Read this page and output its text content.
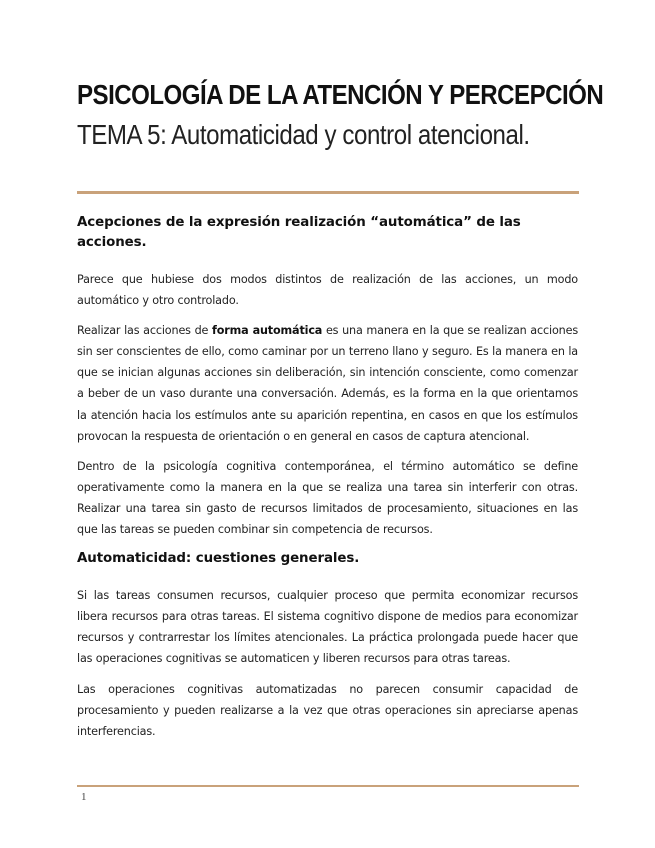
PSICOLOGÍA DE LA ATENCIÓN Y PERCEPCIÓN
TEMA 5: Automaticidad y control atencional.
Acepciones de la expresión realización “automática” de las acciones.

Parece que hubiese dos modos distintos de realización de las acciones, un modo automático y otro controlado.

Realizar las acciones de forma automática es una manera en la que se realizan acciones sin ser conscientes de ello, como caminar por un terreno llano y seguro. Es la manera en la que se inician algunas acciones sin deliberación, sin intención consciente, como comenzar a beber de un vaso durante una conversación. Además, es la forma en la que orientamos la atención hacia los estímulos ante su aparición repentina, en casos en que los estímulos provocan la respuesta de orientación o en general en casos de captura atencional.

Dentro de la psicología cognitiva contemporánea, el término automático se define operativamente como la manera en la que se realiza una tarea sin interferir con otras. Realizar una tarea sin gasto de recursos limitados de procesamiento, situaciones en las que las tareas se pueden combinar sin competencia de recursos.

Automaticidad: cuestiones generales.

Si las tareas consumen recursos, cualquier proceso que permita economizar recursos libera recursos para otras tareas. El sistema cognitivo dispone de medios para economizar recursos y contrarrestar los límites atencionales. La práctica prolongada puede hacer que las operaciones cognitivas se automaticen y liberen recursos para otras tareas.

Las operaciones cognitivas automatizadas no parecen consumir capacidad de procesamiento y pueden realizarse a la vez que otras operaciones sin apreciarse apenas interferencias.

1
